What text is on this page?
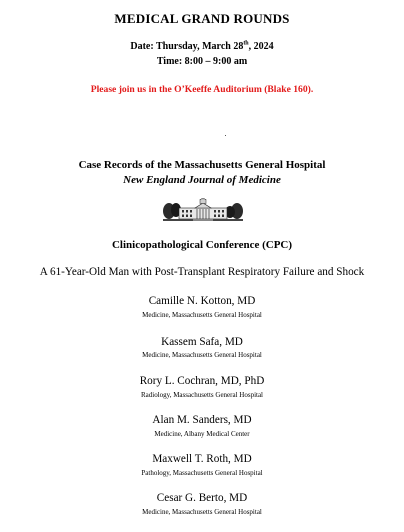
MEDICAL GRAND ROUNDS
Date: Thursday, March 28th, 2024
Time: 8:00 – 9:00 am
Please join us in the O’Keeffe Auditorium (Blake 160).
Case Records of the Massachusetts General Hospital
New England Journal of Medicine
Clinicopathological Conference (CPC)
A 61-Year-Old Man with Post-Transplant Respiratory Failure and Shock
Camille N. Kotton, MD
Medicine, Massachusetts General Hospital
Kassem Safa, MD
Medicine, Massachusetts General Hospital
Rory L. Cochran, MD, PhD
Radiology, Massachusetts General Hospital
Alan M. Sanders, MD
Medicine, Albany Medical Center
Maxwell T. Roth, MD
Pathology, Massachusetts General Hospital
Cesar G. Berto, MD
Medicine, Massachusetts General Hospital
